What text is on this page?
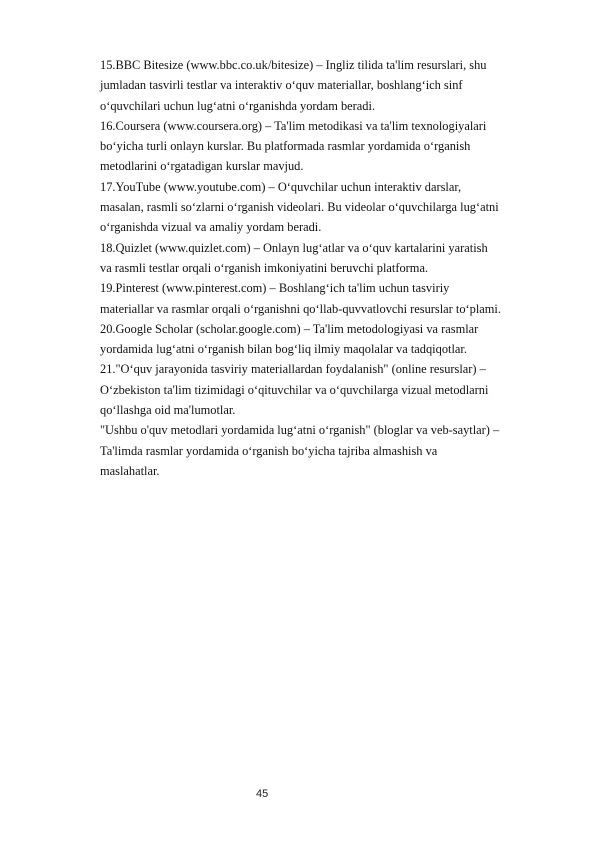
15.BBC Bitesize (www.bbc.co.uk/bitesize) – Ingliz tilida ta'lim resurslari, shu
jumladan tasvirli testlar va interaktiv o‘quv materiallar, boshlang‘ich sinf
o‘quvchilari uchun lug‘atni o‘rganishda yordam beradi.

16.Coursera (www.coursera.org) – Ta'lim metodikasi va ta'lim texnologiyalari
bo‘yicha turli onlayn kurslar. Bu platformada rasmlar yordamida o‘rganish
metodlarini o‘rgatadigan kurslar mavjud.

17.YouTube (www.youtube.com) – O‘quvchilar uchun interaktiv darslar,
masalan, rasmli so‘zlarni o‘rganish videolari. Bu videolar o‘quvchilarga lug‘atni
o‘rganishda vizual va amaliy yordam beradi.

18.Quizlet (www.quizlet.com) – Onlayn lug‘atlar va o‘quv kartalarini yaratish
va rasmli testlar orqali o‘rganish imkoniyatini beruvchi platforma.

19.Pinterest (www.pinterest.com) – Boshlang‘ich ta'lim uchun tasviriy
materiallar va rasmlar orqali o‘rganishni qo‘llab-quvvatlovchi resurslar to‘plami.

20.Google Scholar (scholar.google.com) – Ta'lim metodologiyasi va rasmlar
yordamida lug‘atni o‘rganish bilan bog‘liq ilmiy maqolalar va tadqiqotlar.

21."O‘quv jarayonida tasviriy materiallardan foydalanish" (online resurslar) –
O‘zbekiston ta'lim tizimidagi o‘qituvchilar va o‘quvchilarga vizual metodlarni
qo‘llashga oid ma'lumotlar.

"Ushbu o'quv metodlari yordamida lug‘atni o‘rganish" (bloglar va veb-saytlar) –
Ta'limda rasmlar yordamida o‘rganish bo‘yicha tajriba almashish va
maslahatlar.

45
